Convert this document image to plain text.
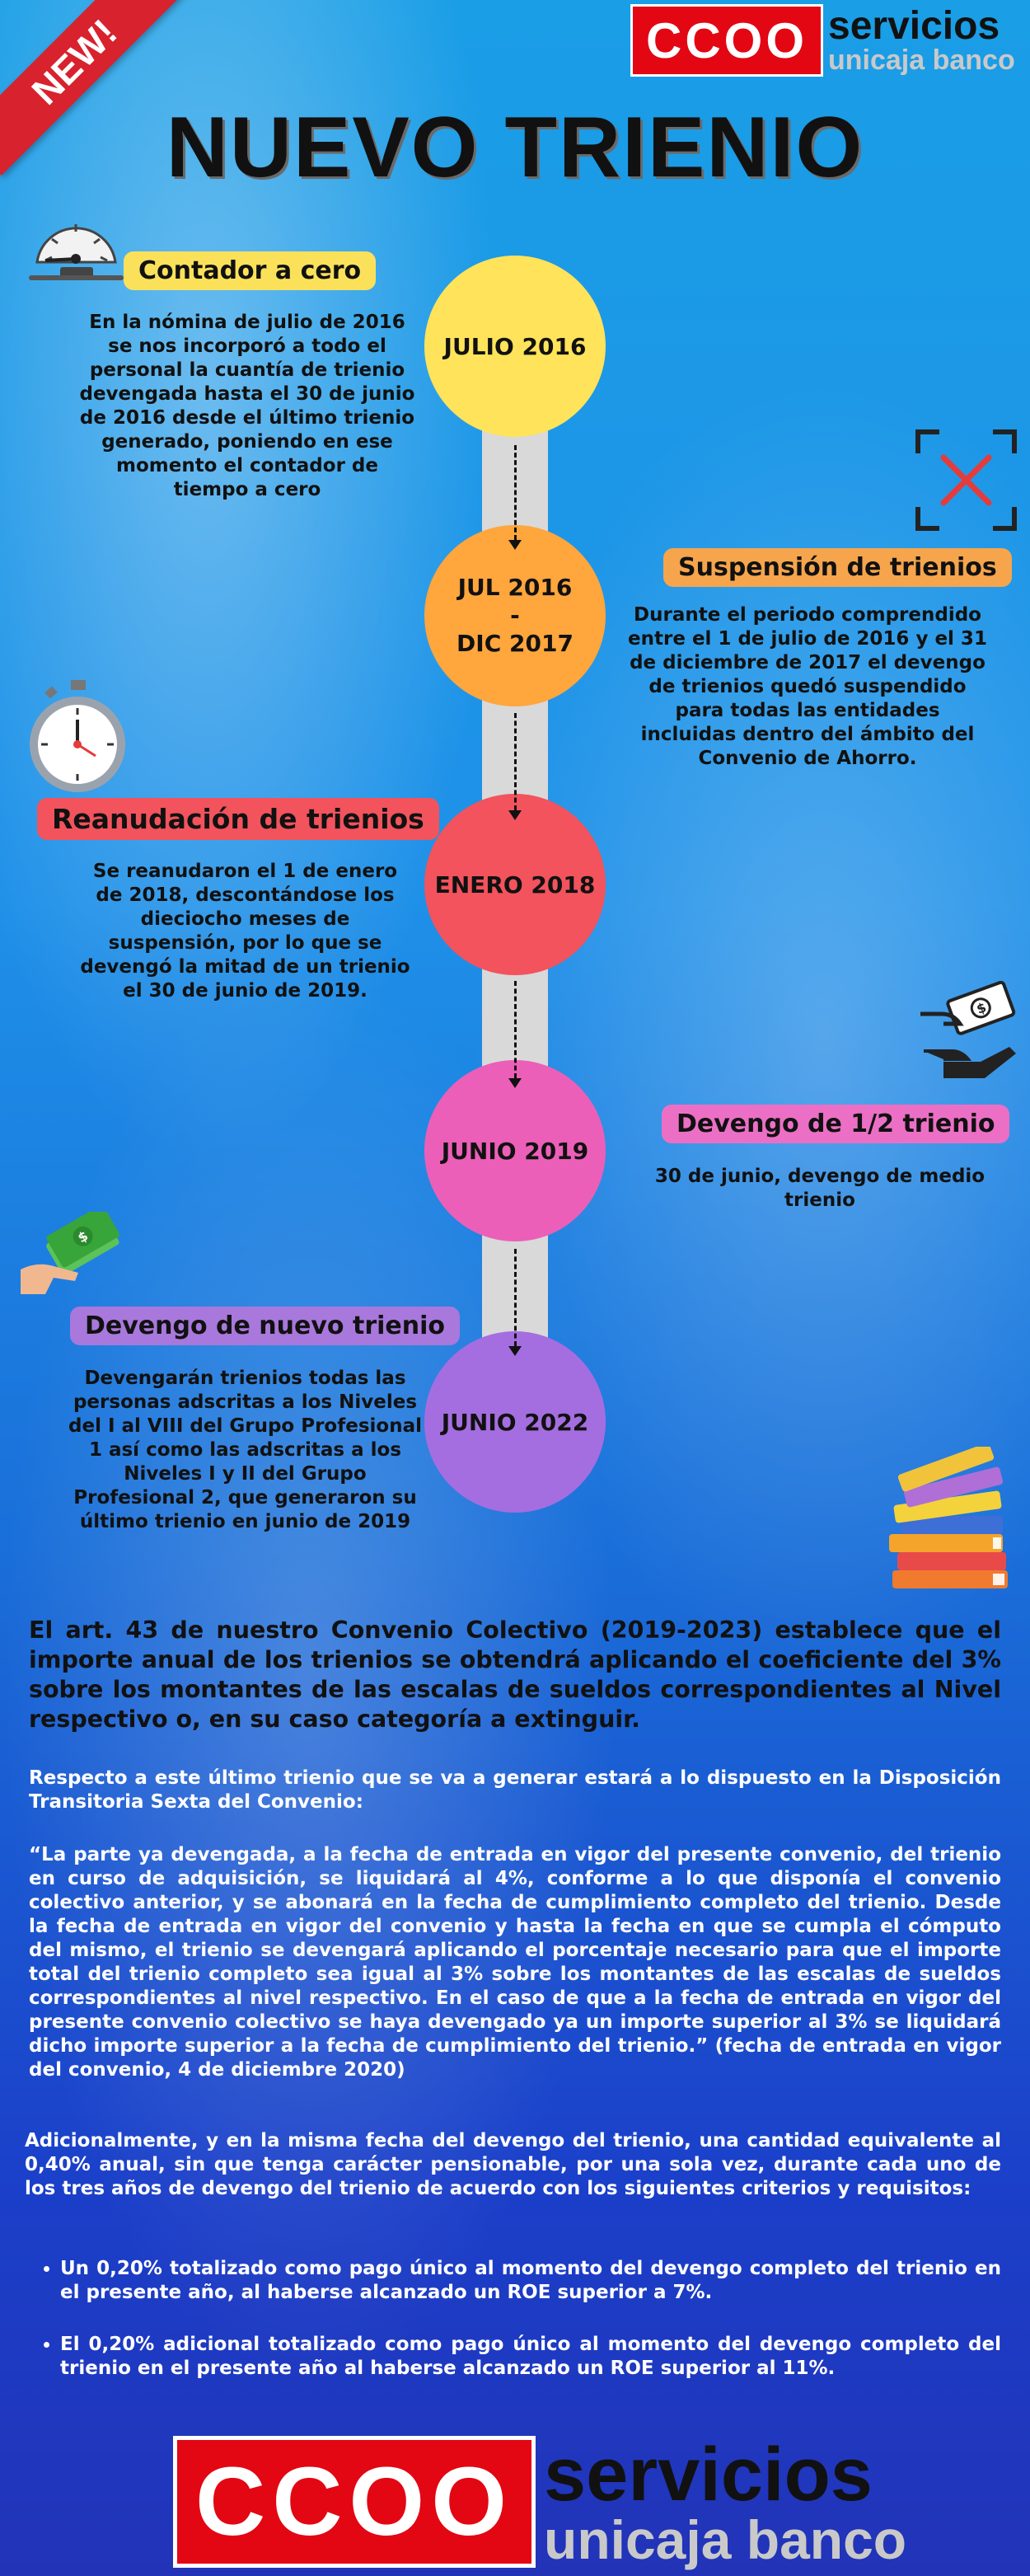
NEW!	CCOO servicios
unicaja banco
NUEVO TRIENIO
JULIO 2016
JUL 2016
-
DIC 2017
ENERO 2018
JUNIO 2019
JUNIO 2022
Contador a cero
En la nómina de julio de 2016 se nos incorporó a todo el personal la cuantía de trienio devengada hasta el 30 de junio de 2016 desde el último trienio generado, poniendo en ese momento el contador de tiempo a cero
Suspensión de trienios
Durante el periodo comprendido entre el 1 de julio de 2016 y el 31 de diciembre de 2017 el devengo de trienios quedó suspendido para todas las entidades incluidas dentro del ámbito del Convenio de Ahorro.
Reanudación de trienios
Se reanudaron el 1 de enero de 2018, descontándose los dieciocho meses de suspensión, por lo que se devengó la mitad de un trienio el 30 de junio de 2019.
$
Devengo de 1/2 trienio
30 de junio, devengo de medio trienio
$
Devengo de nuevo trienio
Devengarán trienios todas las personas adscritas a los Niveles del I al VIII del Grupo Profesional 1 así como las adscritas a los Niveles I y II del Grupo Profesional 2, que generaron su último trienio en junio de 2019
El art. 43 de nuestro Convenio Colectivo (2019-2023) establece que el importe anual de los trienios se obtendrá aplicando el coeficiente del 3% sobre los montantes de las escalas de sueldos correspondientes al Nivel respectivo o, en su caso categoría a extinguir.
Respecto a este último trienio que se va a generar estará a lo dispuesto en la Disposición Transitoria Sexta del Convenio:
“La parte ya devengada, a la fecha de entrada en vigor del presente convenio, del trienio en curso de adquisición, se liquidará al 4%, conforme a lo que disponía el convenio colectivo anterior, y se abonará en la fecha de cumplimiento completo del trienio. Desde la fecha de entrada en vigor del convenio y hasta la fecha en que se cumpla el cómputo del mismo, el trienio se devengará aplicando el porcentaje necesario para que el importe total del trienio completo sea igual al 3% sobre los montantes de las escalas de sueldos correspondientes al nivel respectivo. En el caso de que a la fecha de entrada en vigor del presente convenio colectivo se haya devengado ya un importe superior al 3% se liquidará dicho importe superior a la fecha de cumplimiento del trienio.” (fecha de entrada en vigor del convenio, 4 de diciembre 2020)
Adicionalmente, y en la misma fecha del devengo del trienio, una cantidad equivalente al 0,40% anual, sin que tenga carácter pensionable, por una sola vez, durante cada uno de los tres años de devengo del trienio de acuerdo con los siguientes criterios y requisitos:
• Un 0,20% totalizado como pago único al momento del devengo completo del trienio en el presente año, al haberse alcanzado un ROE superior a 7%.
• El 0,20% adicional totalizado como pago único al momento del devengo completo del trienio en el presente año al haberse alcanzado un ROE superior al 11%.
CCOO servicios
unicaja banco
